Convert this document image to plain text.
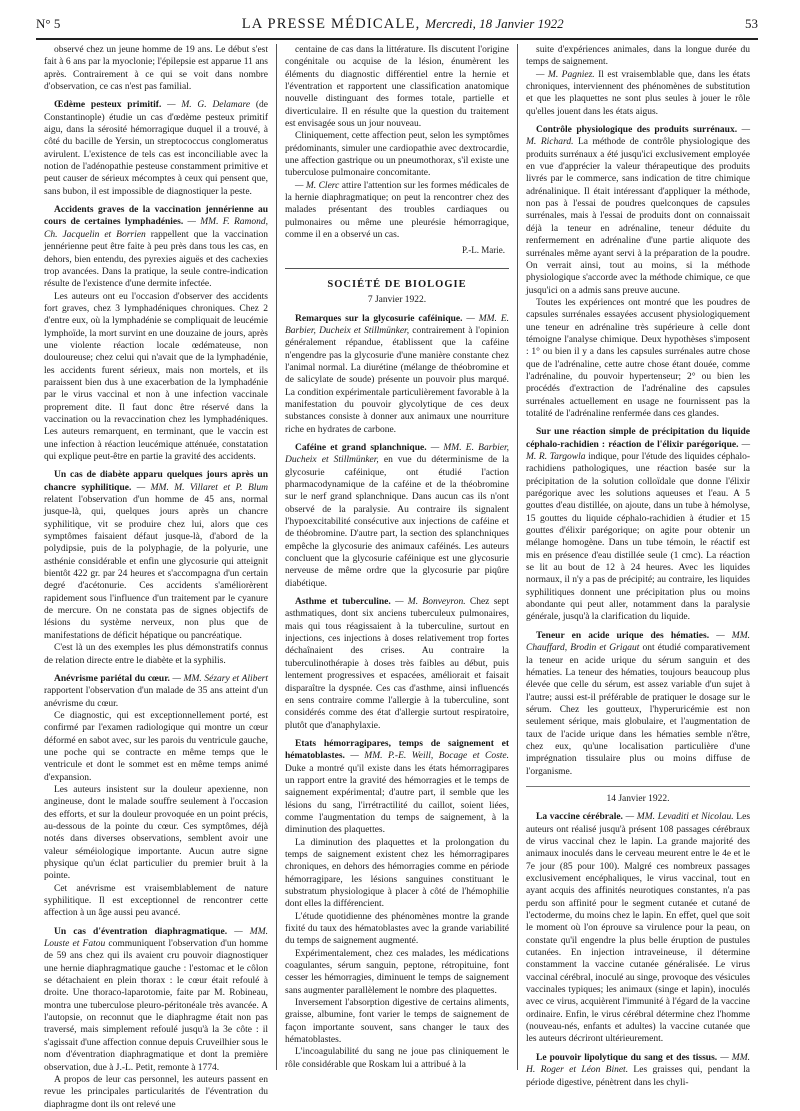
N° 5	LA PRESSE MÉDICALE, Mercredi, 18 Janvier 1922	53

observé chez un jeune homme de 19 ans. Le début s'est fait à 6 ans par la myoclonie; l'épilepsie est apparue 11 ans après. Contrairement à ce qui se voit dans nombre d'observation, ce cas n'est pas familial.

Œdème pesteux primitif. — M. G. Delamare (de Constantinople) étudie un cas d'œdème pesteux primitif aigu, dans la sérosité hémorragique duquel il a trouvé, à côté du bacille de Yersin, un streptococcus conglomeratus avirulent. L'existence de tels cas est inconciliable avec la notion de l'adénopathie pesteuse constamment primitive et peut causer de sérieux mécomptes à ceux qui pensent que, sans bubon, il est impossible de diagnostiquer la peste.

Accidents graves de la vaccination jennérienne au cours de certaines lymphadénies. — MM. F. Ramond, Ch. Jacquelin et Borrien rappellent que la vaccination jennérienne peut être faite à peu près dans tous les cas, en dehors, bien entendu, des pyrexies aiguës et des cachexies trop avancées. Dans la pratique, la seule contre-indication résulte de l'existence d'une dermite infectée.

Les auteurs ont eu l'occasion d'observer des accidents fort graves, chez 3 lymphadéniques chroniques. Chez 2 d'entre eux, où la lymphadénie se compliquait de leucémie lymphoïde, la mort survint en une douzaine de jours, après une violente réaction locale œdémateuse, non douloureuse; chez celui qui n'avait que de la lymphadénie, les accidents furent sérieux, mais non mortels, et ils paraissent bien dus à une exacerbation de la lymphadénie par le virus vaccinal et non à une infection vaccinale proprement dite. Il faut donc être réservé dans la vaccination ou la revaccination chez les lymphadéniques. Les auteurs remarquent, en terminant, que le vaccin est une infection à réaction leucémique atténuée, constatation qui explique peut-être en partie la gravité des accidents.

Un cas de diabète apparu quelques jours après un chancre syphilitique. — MM. M. Villaret et P. Blum relatent l'observation d'un homme de 45 ans, normal jusque-là, qui, quelques jours après un chancre syphilitique, vit se produire chez lui, alors que ces symptômes faisaient défaut jusque-là, d'abord de la polydipsie, puis de la polyphagie, de la polyurie, une asthénie considérable et enfin une glycosurie qui atteignit bientôt 422 gr. par 24 heures et s'accompagna d'un certain degré d'acétonurie. Ces accidents s'améliorèrent rapidement sous l'influence d'un traitement par le cyanure de mercure. On ne constata pas de signes objectifs de lésions du système nerveux, non plus que de manifestations de déficit hépatique ou pancréatique.

C'est là un des exemples les plus démonstratifs connus de relation directe entre le diabète et la syphilis.

Anévrisme pariétal du cœur. — MM. Sézary et Alibert rapportent l'observation d'un malade de 35 ans atteint d'un anévrisme du cœur.

Ce diagnostic, qui est exceptionnellement porté, est confirmé par l'examen radiologique qui montre un cœur déformé en sabot avec, sur les parois du ventricule gauche, une poche qui se contracte en même temps que le ventricule et dont le sommet est en même temps animé d'expansion.

Les auteurs insistent sur la douleur apexienne, non angineuse, dont le malade souffre seulement à l'occasion des efforts, et sur la douleur provoquée en un point précis, au-dessous de la pointe du cœur. Ces symptômes, déjà notés dans diverses observations, semblent avoir une valeur séméiologique importante. Aucun autre signe physique qu'un éclat particulier du premier bruit à la pointe.

Cet anévrisme est vraisemblablement de nature syphilitique. Il est exceptionnel de rencontrer cette affection à un âge aussi peu avancé.

Un cas d'éventration diaphragmatique. — MM. Louste et Fatou communiquent l'observation d'un homme de 59 ans chez qui ils avaient cru pouvoir diagnostiquer une hernie diaphragmatique gauche : l'estomac et le côlon se détachaient en plein thorax : le cœur était refoulé à droite. Une thoraco-laparotomie, faite par M. Robineau, montra une tuberculose pleuro-péritonéale très avancée. A l'autopsie, on reconnut que le diaphragme était non pas traversé, mais simplement refoulé jusqu'à la 3e côte : il s'agissait d'une affection connue depuis Cruveilhier sous le nom d'éventration diaphragmatique et dont la première observation, due à J.-L. Petit, remonte à 1774.

A propos de leur cas personnel, les auteurs passent en revue les principales particularités de l'éventration du diaphragme dont ils ont relevé une

centaine de cas dans la littérature. Ils discutent l'origine congénitale ou acquise de la lésion, énumèrent les éléments du diagnostic différentiel entre la hernie et l'éventration et rapportent une classification anatomique nouvelle distinguant des formes totale, partielle et diverticulaire. Il en résulte que la question du traitement est envisagée sous un jour nouveau.

Cliniquement, cette affection peut, selon les symptômes prédominants, simuler une cardiopathie avec dextrocardie, une affection gastrique ou un pneumothorax, s'il existe une tuberculose pulmonaire concomitante.

— M. Clerc attire l'attention sur les formes médicales de la hernie diaphragmatique; on peut la rencontrer chez des malades présentant des troubles cardiaques ou pulmonaires ou même une pleurésie hémorragique, comme il en a observé un cas.

P.-L. Marie.
SOCIÉTÉ DE BIOLOGIE
7 Janvier 1922.

Remarques sur la glycosurie caféinique. — MM. E. Barbier, Ducheix et Stillmünker, contrairement à l'opinion généralement répandue, établissent que la caféine n'engendre pas la glycosurie d'une manière constante chez l'animal normal. La diurétine (mélange de théobromine et de salicylate de soude) présente un pouvoir plus marqué. La condition expérimentale particulièrement favorable à la manifestation du pouvoir glycolytique de ces deux substances consiste à donner aux animaux une nourriture riche en hydrates de carbone.

Caféine et grand splanchnique. — MM. E. Barbier, Ducheix et Stillmünker, en vue du déterminisme de la glycosurie caféinique, ont étudié l'action pharmacodynamique de la caféine et de la théobromine sur le nerf grand splanchnique. Dans aucun cas ils n'ont observé de la paralysie. Au contraire ils signalent l'hypoexcitabilité consécutive aux injections de caféine et de théobromine. D'autre part, la section des splanchniques empêche la glycosurie des animaux caféinés. Les auteurs concluent que la glycosurie caféinique est une glycosurie nerveuse de même ordre que la glycosurie par piqûre diabétique.

Asthme et tuberculine. — M. Bonveyron. Chez sept asthmatiques, dont six anciens tuberculeux pulmonaires, mais qui tous réagissaient à la tuberculine, surtout en injections, ces injections à doses relativement trop fortes déchaînaient des crises. Au contraire la tuberculinothérapie à doses très faibles au début, puis lentement progressives et espacées, améliorait et faisait disparaître la dyspnée. Ces cas d'asthme, ainsi influencés en sens contraire comme l'allergie à la tuberculine, sont considérés comme des état d'allergie surtout respiratoire, plutôt que d'anaphylaxie.

Etats hémorragipares, temps de saignement et hématoblastes. — MM. P.-E. Weill, Bocage et Coste. Duke a montré qu'il existe dans les états hémorragipares un rapport entre la gravité des hémorragies et le temps de saignement expérimental; d'autre part, il semble que les lésions du sang, l'irrétractilité du caillot, soient liées, comme l'augmentation du temps de saignement, à la diminution des plaquettes.

La diminution des plaquettes et la prolongation du temps de saignement existent chez les hémorragipares chroniques, en dehors des hémorragies comme en période hémorragipare, les lésions sanguines constituant le substratum physiologique à placer à côté de l'hémophilie dont elles la différencient.

L'étude quotidienne des phénomènes montre la grande fixité du taux des hématoblastes avec la grande variabilité du temps de saignement augmenté.

Expérimentalement, chez ces malades, les médications coagulantes, sérum sanguin, peptone, rétropituine, font cesser les hémorragies, diminuent le temps de saignement sans augmenter parallèlement le nombre des plaquettes.

Inversement l'absorption digestive de certains aliments, graisse, albumine, font varier le temps de saignement de façon importante souvent, sans changer le taux des hématoblastes.

L'incoagulabilité du sang ne joue pas cliniquement le rôle considérable que Roskam lui a attribué à la

suite d'expériences animales, dans la longue durée du temps de saignement.

— M. Pagniez. Il est vraisemblable que, dans les états chroniques, interviennent des phénomènes de substitution et que les plaquettes ne sont plus seules à jouer le rôle qu'elles jouent dans les états aigus.

Contrôle physiologique des produits surrénaux. — M. Richard. La méthode de contrôle physiologique des produits surrénaux a été jusqu'ici exclusivement employée en vue d'apprécier la valeur thérapeutique des produits livrés par le commerce, sans indication de titre chimique adrénalinique. Il était intéressant d'appliquer la méthode, non pas à l'essai de poudres quelconques de capsules surrénales, mais à l'essai de produits dont on connaissait déjà la teneur en adrénaline, teneur déduite du renfermement en adrénaline d'une partie aliquote des surrénales même ayant servi à la préparation de la poudre. On verrait ainsi, tout au moins, si la méthode physiologique s'accorde avec la méthode chimique, ce que jusqu'ici on a admis sans preuve aucune.

Toutes les expériences ont montré que les poudres de capsules surrénales essayées accusent physiologiquement une teneur en adrénaline très supérieure à celle dont témoigne l'analyse chimique. Deux hypothèses s'imposent : 1° ou bien il y a dans les capsules surrénales autre chose que de l'adrénaline, cette autre chose étant douée, comme l'adrénaline, du pouvoir hypertenseur; 2° ou bien les procédés d'extraction de l'adrénaline des capsules surrénales actuellement en usage ne fournissent pas la totalité de l'adrénaline renfermée dans ces glandes.

Sur une réaction simple de précipitation du liquide céphalo-rachidien : réaction de l'élixir parégorique. — M. R. Targowla indique, pour l'étude des liquides céphalo-rachidiens pathologiques, une réaction basée sur la précipitation de la solution colloïdale que donne l'élixir parégorique avec les solutions aqueuses et l'eau. A 5 gouttes d'eau distillée, on ajoute, dans un tube à hémolyse, 15 gouttes du liquide céphalo-rachidien à étudier et 15 gouttes d'élixir parégorique; on agite pour obtenir un mélange homogène. Dans un tube témoin, le réactif est mis en présence d'eau distillée seule (1 cmc). La réaction se lit au bout de 12 à 24 heures. Avec les liquides normaux, il n'y a pas de précipité; au contraire, les liquides syphilitiques donnent une précipitation plus ou moins abondante qui peut aller, notamment dans la paralysie générale, jusqu'à la clarification du liquide.

Teneur en acide urique des hématies. — MM. Chauffard, Brodin et Grigaut ont étudié comparativement la teneur en acide urique du sérum sanguin et des hématies. La teneur des hématies, toujours beaucoup plus élevée que celle du sérum, est assez variable d'un sujet à l'autre; aussi est-il préférable de pratiquer le dosage sur le sérum. Chez les goutteux, l'hyperuricémie est non seulement sérique, mais globulaire, et l'augmentation de taux de l'acide urique dans les hématies semble n'être, chez eux, qu'une localisation particulière d'une imprégnation tissulaire plus ou moins diffuse de l'organisme.

14 Janvier 1922.

La vaccine cérébrale. — MM. Levaditi et Nicolau. Les auteurs ont réalisé jusqu'à présent 108 passages cérébraux de virus vaccinal chez le lapin. La grande majorité des animaux inoculés dans le cerveau meurent entre le 4e et le 7e jour (85 pour 100). Malgré ces nombreux passages exclusivement encéphaliques, le virus vaccinal, tout en ayant acquis des affinités neurotiques constantes, n'a pas perdu son affinité pour le segment cutanée et cutané de l'ectoderme, du moins chez le lapin. En effet, quel que soit le moment où l'on éprouve sa virulence pour la peau, on constate qu'il engendre la plus belle éruption de pustules cutanées. En injection intraveineuse, il détermine constamment la vaccine cutanée généralisée. Le virus vaccinal cérébral, inoculé au singe, provoque des vésicules vaccinales typiques; les animaux (singe et lapin), inoculés avec ce virus, acquièrent l'immunité à l'égard de la vaccine ordinaire. Enfin, le virus cérébral détermine chez l'homme (nouveau-nés, enfants et adultes) la vaccine cutanée que les auteurs décriront ultérieurement.

Le pouvoir lipolytique du sang et des tissus. — MM. H. Roger et Léon Binet. Les graisses qui, pendant la période digestive, pénètrent dans les chyli-
